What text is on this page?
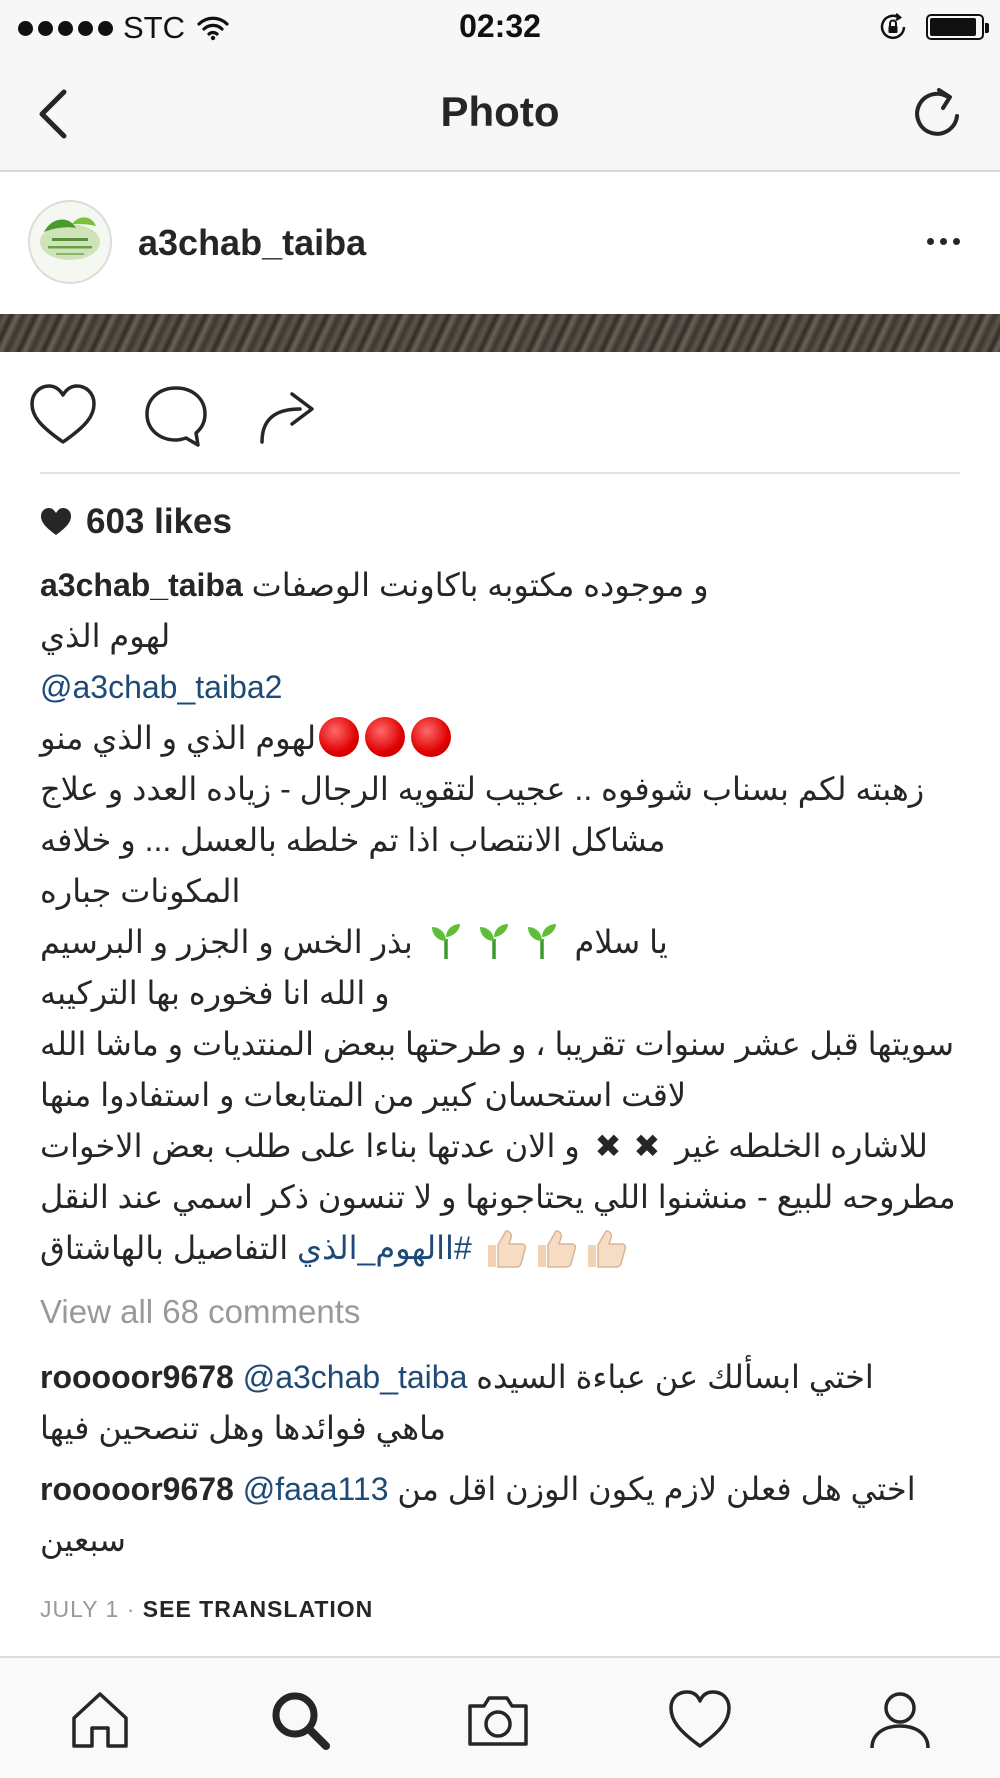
STC	02:32
Photo
a3chab_taiba
603 likes
a3chab_taiba و موجوده مكتوبه باكاونت الوصفات
لهوم الذي
@a3chab_taiba2
لهوم الذي و الذي منو
زهبته لكم بسناب شوفوه .. عجيب لتقويه الرجال - زياده العدد و علاج
مشاكل الانتصاب اذا تم خلطه بالعسل ... و خلافه
المكونات جباره
يا سلام  بذر الخس و الجزر و البرسيم
و الله انا فخوره بها التركيبه
سويتها قبل عشر سنوات تقريبا ، و طرحتها ببعض المنتديات و ماشا الله
لاقت استحسان كبير من المتابعات و استفادوا منها
للاشاره الخلطه غير ✖✖ و الان عدتها بناءا على طلب بعض الاخوات
مطروحه للبيع - منشنوا اللي يحتاجونها و لا تنسون ذكر اسمي عند النقل
#االهوم_الذي التفاصيل بالهاشتاق
View all 68 comments
rooooor9678 @a3chab_taiba اختي ابسألك عن عباءة السيده
ماهي فوائدها وهل تنصحين فيها
rooooor9678 @faaa113 اختي هل فعلن لازم يكون الوزن اقل من
سبعين
JULY 1 · SEE TRANSLATION
